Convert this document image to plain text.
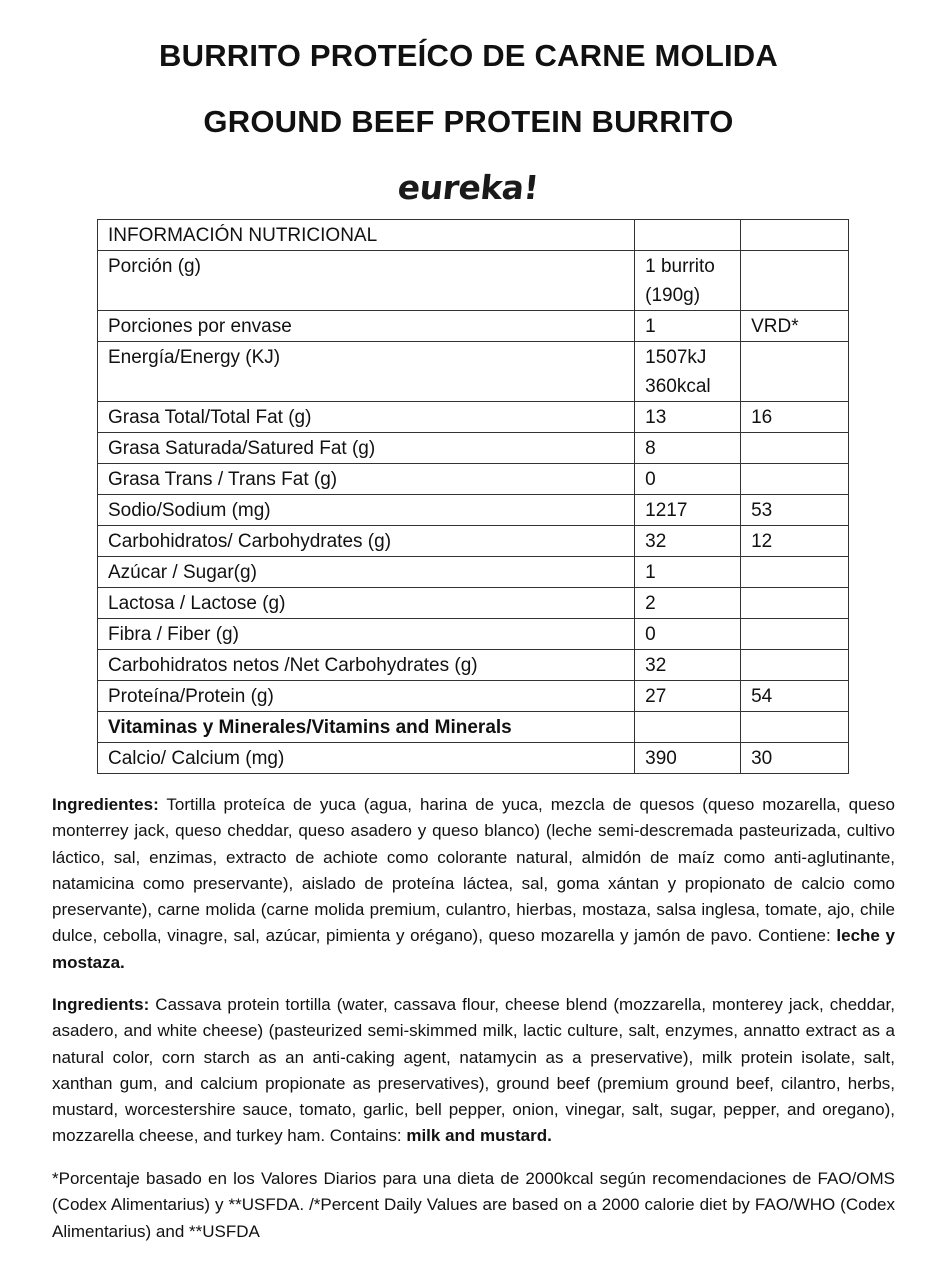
BURRITO PROTEÍCO DE CARNE MOLIDA
GROUND BEEF PROTEIN BURRITO
eureka!
INFORMACIÓN NUTRICIONAL		
Porción (g)	1 burrito (190g)	
Porciones por envase	1	VRD*
Energía/Energy (KJ)	1507kJ 360kcal	
Grasa Total/Total Fat (g)	13	16
Grasa Saturada/Satured Fat (g)	8	
Grasa Trans / Trans Fat (g)	0	
Sodio/Sodium (mg)	1217	53
Carbohidratos/ Carbohydrates (g)	32	12
Azúcar / Sugar(g)	1	
Lactosa / Lactose (g)	2	
Fibra / Fiber (g)	0	
Carbohidratos netos /Net Carbohydrates (g)	32	
Proteína/Protein (g)	27	54
Vitaminas y Minerales/Vitamins and Minerals		
Calcio/ Calcium (mg)	390	30

Ingredientes: Tortilla proteíca de yuca (agua, harina de yuca, mezcla de quesos (queso mozarella, queso monterrey jack, queso cheddar, queso asadero y queso blanco) (leche semi-descremada pasteurizada, cultivo láctico, sal, enzimas, extracto de achiote como colorante natural, almidón de maíz como anti-aglutinante, natamicina como preservante), aislado de proteína láctea, sal, goma xántan y propionato de calcio como preservante), carne molida (carne molida premium, culantro, hierbas, mostaza, salsa inglesa, tomate, ajo, chile dulce, cebolla, vinagre, sal, azúcar, pimienta y orégano), queso mozarella y jamón de pavo. Contiene: leche y mostaza.

Ingredients: Cassava protein tortilla (water, cassava flour, cheese blend (mozzarella, monterey jack, cheddar, asadero, and white cheese) (pasteurized semi-skimmed milk, lactic culture, salt, enzymes, annatto extract as a natural color, corn starch as an anti-caking agent, natamycin as a preservative), milk protein isolate, salt, xanthan gum, and calcium propionate as preservatives), ground beef (premium ground beef, cilantro, herbs, mustard, worcestershire sauce, tomato, garlic, bell pepper, onion, vinegar, salt, sugar, pepper, and oregano), mozzarella cheese, and turkey ham. Contains: milk and mustard.

*Porcentaje basado en los Valores Diarios para una dieta de 2000kcal según recomendaciones de FAO/OMS (Codex Alimentarius) y **USFDA. /*Percent Daily Values are based on a 2000 calorie diet by FAO/WHO (Codex Alimentarius) and **USFDA
